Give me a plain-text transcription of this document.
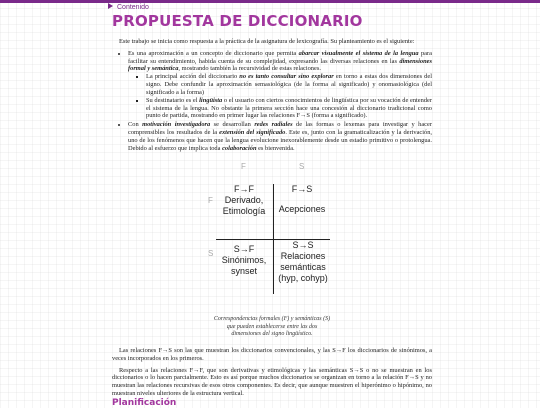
Contenido
PROPUESTA DE DICCIONARIO

Este trabajo se inicia como respuesta a la práctica de la asignatura de lexicografía. Su planteamiento es el siguiente:

• Es una aproximación a un concepto de diccionario que permita abarcar visualmente el sistema de la lengua para facilitar su entendimiento, habida cuenta de su complejidad, expresando las diversas relaciones en las dimensiones formal y semántica, mostrando también la recursividad de estas relaciones.
▪ La principal acción del diccionario no es tanto consultar sino explorar en torno a estas dos dimensiones del signo. Debe confundir la aproximación semasiológica (de la forma al significado) y onomasiológica (del significado a la forma)
▪ Su destinatario es el lingüista o el usuario con ciertos conocimientos de lingüística por su vocación de entender el sistema de la lengua. No obstante la primera sección hace una concesión al diccionario tradicional como punto de partida, mostrando en primer lugar las relaciones F→S (forma a significado).
• Con motivación investigadora se desarrollan redes radiales de las formas o lexemas para investigar y hacer comprensibles los resultados de la extensión del significado. Este es, junto con la gramaticalización y la derivación, uno de los fenómenos que hacen que la lengua evolucione inexorablemente desde un estadio primitivo o protolengua. Debido al esfuerzo que implica toda colaboración es bienvenida.
F	S
F
S
F→F
Derivado,
Etimología
F→S
Acepciones
S→F
Sinónimos,
synset
S→S
Relaciones
semánticas
(hyp, cohyp)
Correspondencias formales (F) y semánticas (S)
que pueden establecerse entre las dos
dimensiones del signo lingüístico.

Las relaciones F→S son las que muestran los diccionarios convencionales, y las S→F los diccionarios de sinónimos, a veces incorporados en los primeros.

Respecto a las relaciones F→F, que son derivativas y etimológicas y las semánticas S→S o no se muestran en los diccionarios o lo hacen parcialmente. Esto es así porque muchos diccionarios se organizan en torno a la relación F→S y no muestran las relaciones recursivas de esos otros componentes. Es decir, que aunque muestren el hiperónimo o hipónimo, no muestran niveles ulteriores de la estructura vertical.

Planificación
